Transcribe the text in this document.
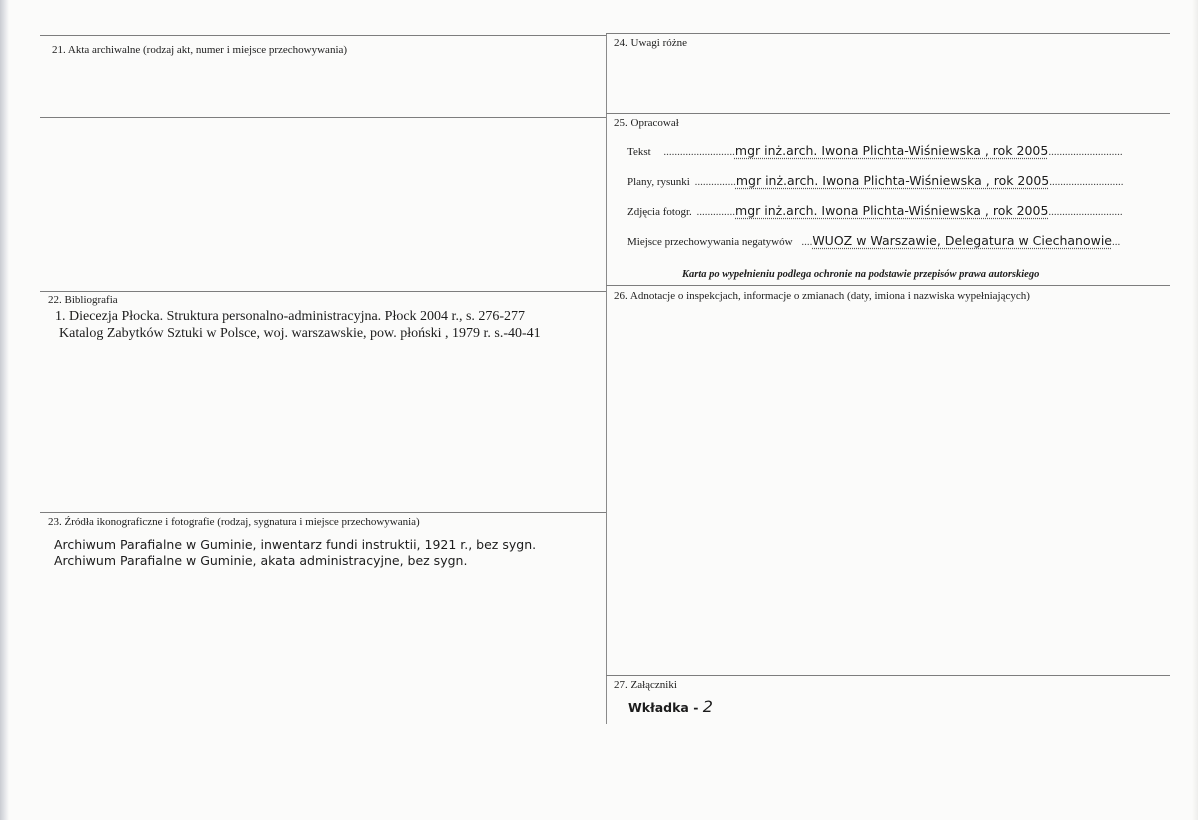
21. Akta archiwalne (rodzaj akt, numer i miejsce przechowywania)
22. Bibliografia
1. Diecezja Płocka. Struktura personalno-administracyjna. Płock 2004 r., s. 276-277
Katalog Zabytków Sztuki w Polsce, woj. warszawskie, pow. płoński , 1979 r. s.-40-41
23. Źródła ikonograficzne i fotografie (rodzaj, sygnatura i miejsce przechowywania)
Archiwum Parafialne w Guminie, inwentarz fundi instruktii, 1921 r., bez sygn.
Archiwum Parafialne w Guminie, akata administracyjne, bez sygn.
24. Uwagi różne
25. Opracował
Tekst ..........................mgr inż.arch. Iwona Plichta-Wiśniewska , rok 2005...........................
Plany, rysunki ...............mgr inż.arch. Iwona Plichta-Wiśniewska , rok 2005...........................
Zdjęcia fotogr. ..............mgr inż.arch. Iwona Plichta-Wiśniewska , rok 2005...........................
Miejsce przechowywania negatywów ....WUOZ w Warszawie, Delegatura w Ciechanowie...
Karta po wypełnieniu podlega ochronie na podstawie przepisów prawa autorskiego
26. Adnotacje o inspekcjach, informacje o zmianach (daty, imiona i nazwiska wypełniających)
27. Załączniki
Wkładka - 2
